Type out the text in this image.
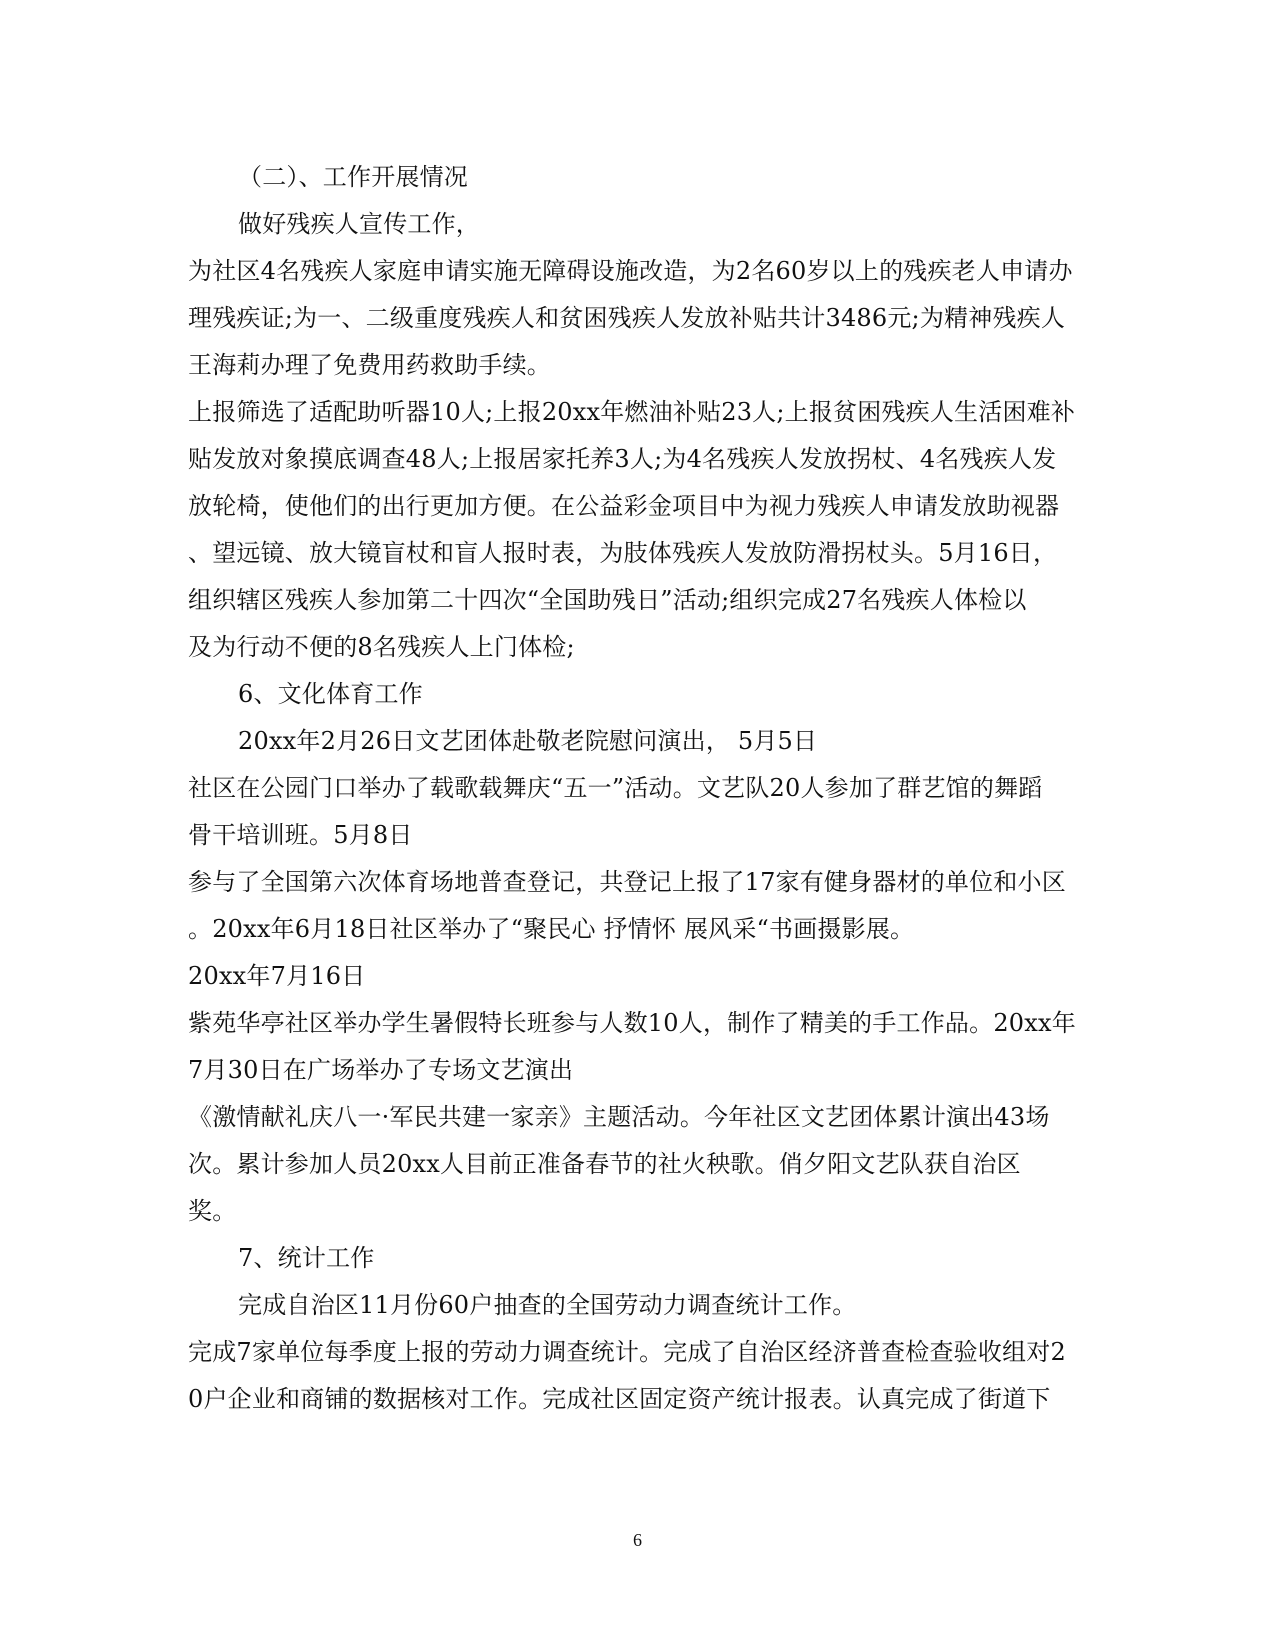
（二）、工作开展情况
做好残疾人宣传工作，
为社区4名残疾人家庭申请实施无障碍设施改造，为2名60岁以上的残疾老人申请办
理残疾证;为一、二级重度残疾人和贫困残疾人发放补贴共计3486元;为精神残疾人
王海莉办理了免费用药救助手续。
上报筛选了适配助听器10人;上报20xx年燃油补贴23人;上报贫困残疾人生活困难补
贴发放对象摸底调查48人;上报居家托养3人;为4名残疾人发放拐杖、4名残疾人发
放轮椅，使他们的出行更加方便。在公益彩金项目中为视力残疾人申请发放助视器
、望远镜、放大镜盲杖和盲人报时表，为肢体残疾人发放防滑拐杖头。5月16日，
组织辖区残疾人参加第二十四次“全国助残日”活动;组织完成27名残疾人体检以
及为行动不便的8名残疾人上门体检;
6、文化体育工作
20xx年2月26日文艺团体赴敬老院慰问演出， 5月5日
社区在公园门口举办了载歌载舞庆“五一”活动。文艺队20人参加了群艺馆的舞蹈
骨干培训班。5月8日
参与了全国第六次体育场地普查登记，共登记上报了17家有健身器材的单位和小区
。20xx年6月18日社区举办了“聚民心 抒情怀 展风采“书画摄影展。
20xx年7月16日
紫苑华亭社区举办学生暑假特长班参与人数10人，制作了精美的手工作品。20xx年
7月30日在广场举办了专场文艺演出
《激情献礼庆八一·军民共建一家亲》主题活动。今年社区文艺团体累计演出43场
次。累计参加人员20xx人目前正准备春节的社火秧歌。俏夕阳文艺队获自治区
奖。
7、统计工作
完成自治区11月份60户抽查的全国劳动力调查统计工作。
完成7家单位每季度上报的劳动力调查统计。完成了自治区经济普查检查验收组对2
0户企业和商铺的数据核对工作。完成社区固定资产统计报表。认真完成了街道下
6
